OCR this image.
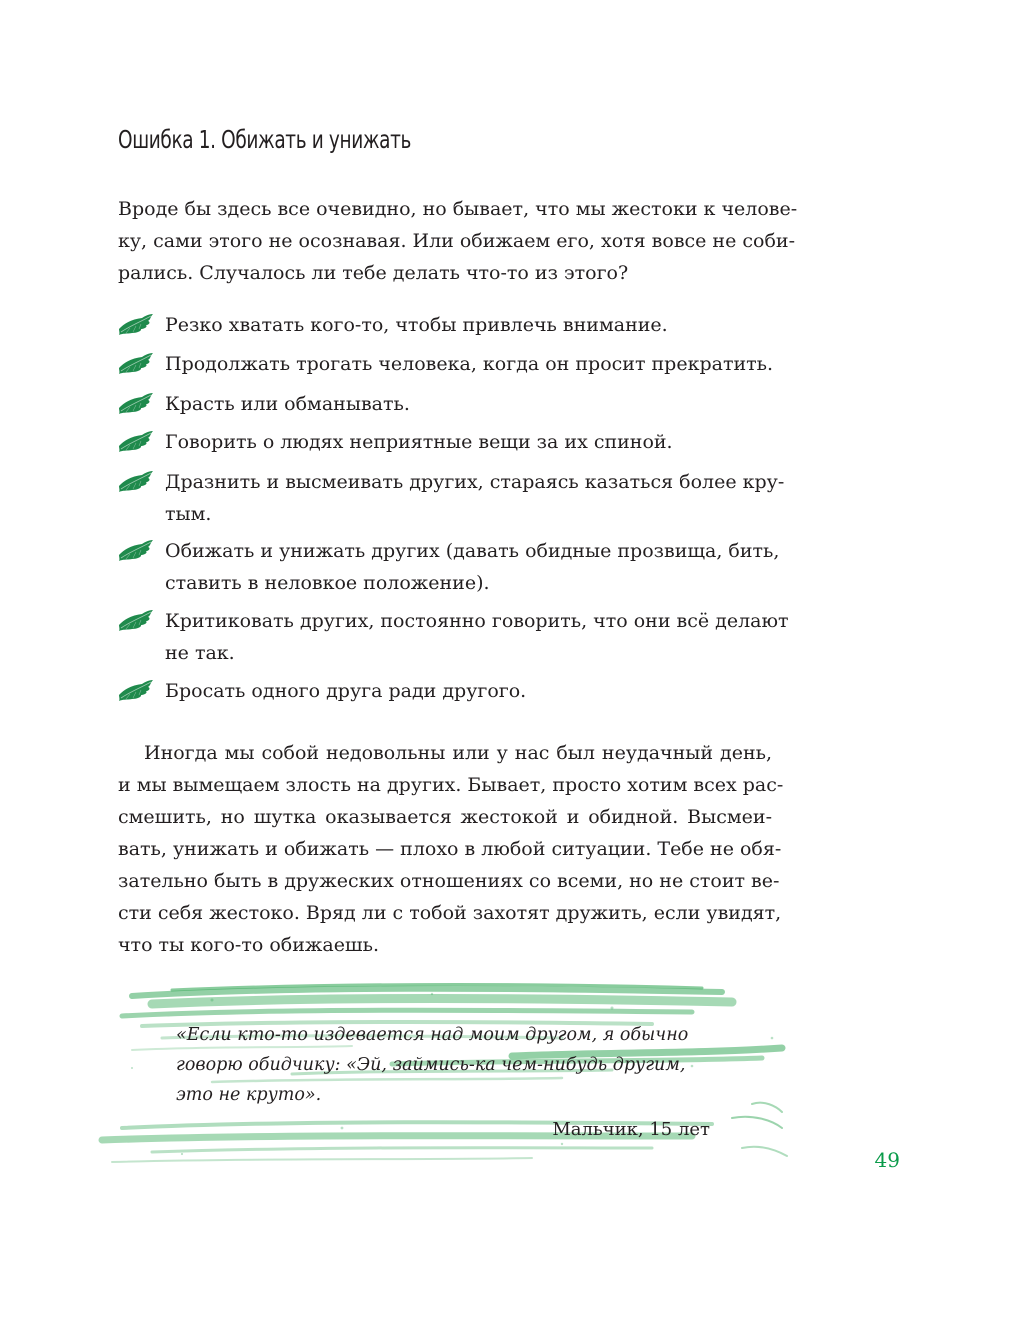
Ошибка 1. Обижать и унижать

Вроде бы здесь все очевидно, но бывает, что мы жестоки к челове-
ку, сами этого не осознавая. Или обижаем его, хотя вовсе не соби-
рались. Случалось ли тебе делать что-то из этого?

Резко хватать кого-то, чтобы привлечь внимание.
Продолжать трогать человека, когда он просит прекратить.
Красть или обманывать.
Говорить о людях неприятные вещи за их спиной.
Дразнить и высмеивать других, стараясь казаться более кру-
тым.
Обижать и унижать других (давать обидные прозвища, бить,
ставить в неловкое положение).
Критиковать других, постоянно говорить, что они всё делают
не так.
Бросать одного друга ради другого.

Иногда мы собой недовольны или у нас был неудачный день,
и мы вымещаем злость на других. Бывает, просто хотим всех рас-
смешить, но шутка оказывается жестокой и обидной. Высмеи-
вать, унижать и обижать — плохо в любой ситуации. Тебе не обя-
зательно быть в дружеских отношениях со всеми, но не стоит ве-
сти себя жестоко. Вряд ли с тобой захотят дружить, если увидят,
что ты кого-то обижаешь.

«Если кто-то издевается над моим другом, я обычно
говорю обидчику: «Эй, займись-ка чем-нибудь другим,
это не круто».

Мальчик, 15 лет
49
